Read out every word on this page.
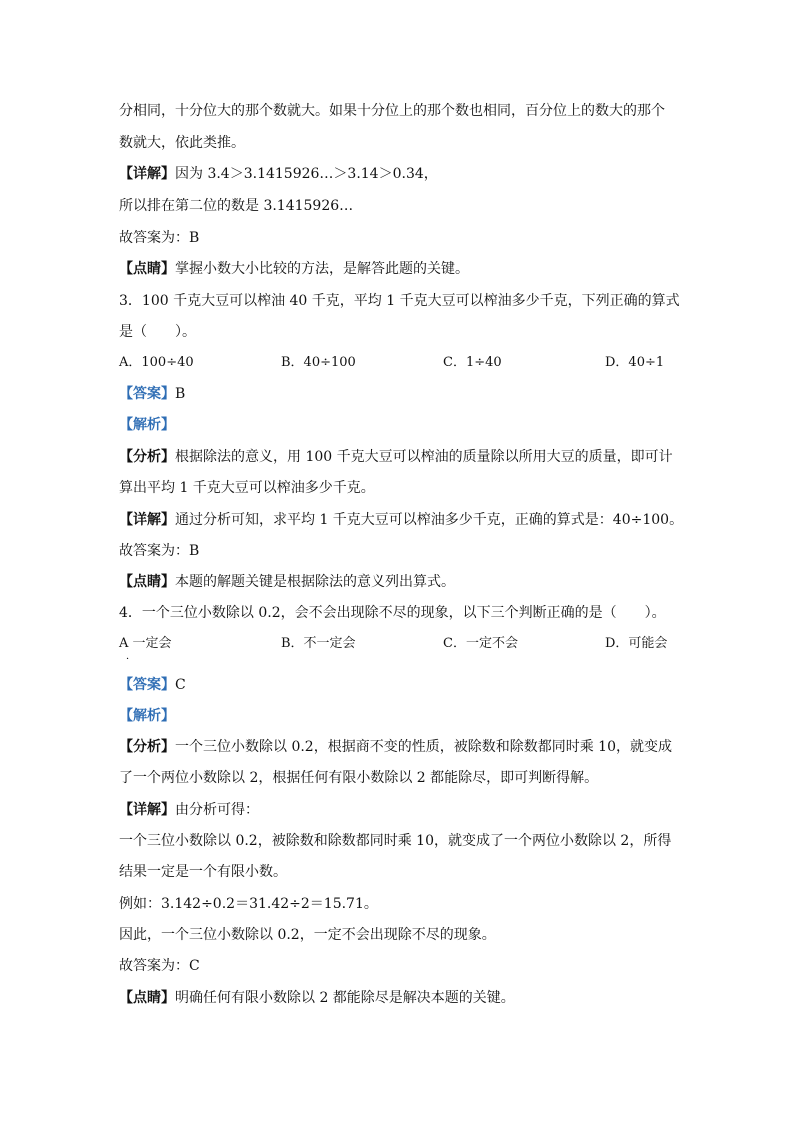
分相同，十分位大的那个数就大。如果十分位上的那个数也相同，百分位上的数大的那个
数就大，依此类推。
【详解】因为 3.4＞3.1415926…＞3.14＞0.34，
所以排在第二位的数是 3.1415926…
故答案为：B
【点睛】掌握小数大小比较的方法，是解答此题的关键。
3．100 千克大豆可以榨油 40 千克，平均 1 千克大豆可以榨油多少千克，下列正确的算式
是（　　）。
A．100÷40	B．40÷100	C．1÷40	D．40÷1
【答案】B
【解析】
【分析】根据除法的意义，用 100 千克大豆可以榨油的质量除以所用大豆的质量，即可计
算出平均 1 千克大豆可以榨油多少千克。
【详解】通过分析可知，求平均 1 千克大豆可以榨油多少千克，正确的算式是：40÷100。
故答案为：B
【点睛】本题的解题关键是根据除法的意义列出算式。
4．一个三位小数除以 0.2，会不会出现除不尽的现象，以下三个判断正确的是（　　）。
A 一定会
．
B．不一定会	C．一定不会	D．可能会
【答案】C
【解析】
【分析】一个三位小数除以 0.2，根据商不变的性质，被除数和除数都同时乘 10，就变成
了一个两位小数除以 2，根据任何有限小数除以 2 都能除尽，即可判断得解。
【详解】由分析可得：
一个三位小数除以 0.2，被除数和除数都同时乘 10，就变成了一个两位小数除以 2，所得
结果一定是一个有限小数。
例如：3.142÷0.2＝31.42÷2＝15.71。
因此，一个三位小数除以 0.2，一定不会出现除不尽的现象。
故答案为：C
【点睛】明确任何有限小数除以 2 都能除尽是解决本题的关键。
